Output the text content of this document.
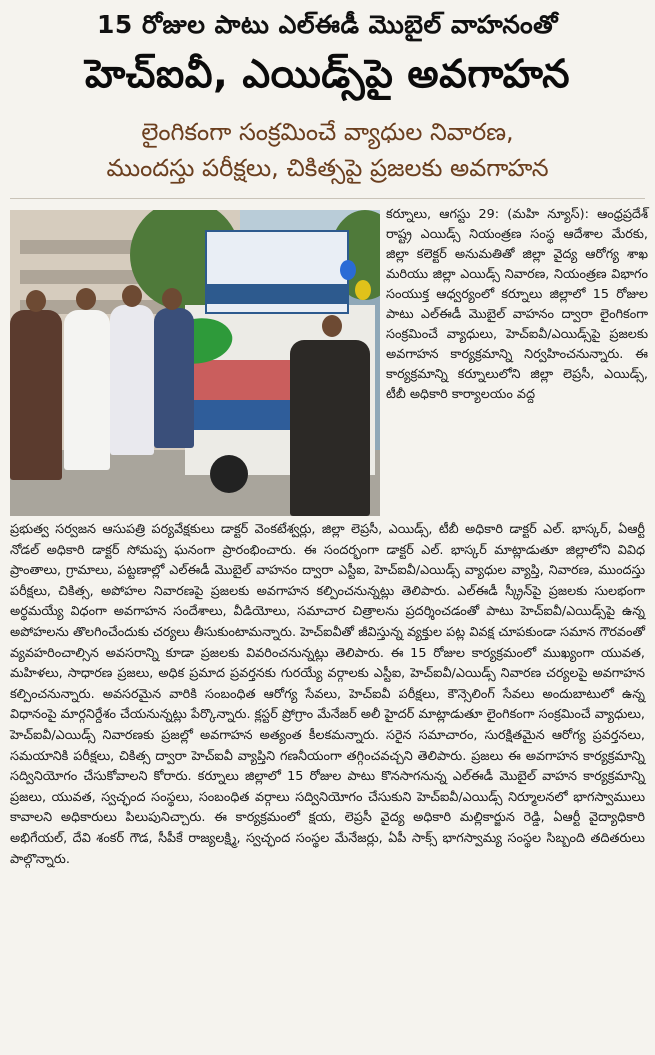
15 రోజుల పాటు ఎల్ఈడీ మొబైల్ వాహనంతో
హెచ్ఐవీ, ఎయిడ్స్‌పై అవగాహన
లైంగికంగా సంక్రమించే వ్యాధుల నివారణ,
ముందస్తు పరీక్షలు, చికిత్సపై ప్రజలకు అవగాహన

కర్నూలు, ఆగస్టు 29: (మహి న్యూస్): ఆంధ్రప్రదేశ్ రాష్ట్ర ఎయిడ్స్ నియంత్రణ సంస్థ ఆదేశాల మేరకు, జిల్లా కలెక్టర్ అనుమతితో జిల్లా వైద్య ఆరోగ్య శాఖ మరియు జిల్లా ఎయిడ్స్ నివారణ, నియంత్రణ విభాగం సంయుక్త ఆధ్వర్యంలో కర్నూలు జిల్లాలో 15 రోజుల పాటు ఎల్ఈడీ మొబైల్ వాహనం ద్వారా లైంగికంగా సంక్రమించే వ్యాధులు, హెచ్ఐవీ/ఎయిడ్స్‌పై ప్రజలకు అవగాహన కార్యక్రమాన్ని నిర్వహించనున్నారు. ఈ కార్యక్రమాన్ని కర్నూలులోని జిల్లా లెప్రసీ, ఎయిడ్స్, టీబీ అధికారి కార్యాలయం వద్ద

ప్రభుత్వ సర్వజన ఆసుపత్రి పర్యవేక్షకులు డాక్టర్ వెంకటేశ్వర్లు, జిల్లా లెప్రసీ, ఎయిడ్స్, టీబీ అధికారి డాక్టర్ ఎల్. భాస్కర్, ఏఆర్టీ నోడల్ అధికారి డాక్టర్ సోమప్ప ఘనంగా ప్రారంభించారు. ఈ సందర్భంగా డాక్టర్ ఎల్. భాస్కర్ మాట్లాడుతూ జిల్లాలోని వివిధ ప్రాంతాలు, గ్రామాలు, పట్టణాల్లో ఎల్ఈడీ మొబైల్ వాహనం ద్వారా ఎస్టీఐ, హెచ్ఐవీ/ఎయిడ్స్ వ్యాధుల వ్యాప్తి, నివారణ, ముందస్తు పరీక్షలు, చికిత్స, అపోహల నివారణపై ప్రజలకు అవగాహన కల్పించనున్నట్లు తెలిపారు. ఎల్ఈడీ స్క్రీన్‌పై ప్రజలకు సులభంగా అర్థమయ్యే విధంగా అవగాహన సందేశాలు, వీడియోలు, సమాచార చిత్రాలను ప్రదర్శించడంతో పాటు హెచ్ఐవీ/ఎయిడ్స్‌పై ఉన్న అపోహలను తొలగించేందుకు చర్యలు తీసుకుంటామన్నారు. హెచ్ఐవీతో జీవిస్తున్న వ్యక్తుల పట్ల వివక్ష చూపకుండా సమాన గౌరవంతో వ్యవహరించాల్సిన అవసరాన్ని కూడా ప్రజలకు వివరించనున్నట్లు తెలిపారు. ఈ 15 రోజుల కార్యక్రమంలో ముఖ్యంగా యువత, మహిళలు, సాధారణ ప్రజలు, అధిక ప్రమాద ప్రవర్తనకు గురయ్యే వర్గాలకు ఎస్టీఐ, హెచ్ఐవీ/ఎయిడ్స్ నివారణ చర్యలపై అవగాహన కల్పించనున్నారు. అవసరమైన వారికి సంబంధిత ఆరోగ్య సేవలు, హెచ్ఐవీ పరీక్షలు, కౌన్సెలింగ్ సేవలు అందుబాటులో ఉన్న విధానంపై మార్గనిర్దేశం చేయనున్నట్లు పేర్కొన్నారు. క్లస్టర్ ప్రోగ్రాం మేనేజర్ అలీ హైదర్ మాట్లాడుతూ లైంగికంగా సంక్రమించే వ్యాధులు, హెచ్ఐవీ/ఎయిడ్స్ నివారణకు ప్రజల్లో అవగాహన అత్యంత కీలకమన్నారు. సరైన సమాచారం, సురక్షితమైన ఆరోగ్య ప్రవర్తనలు, సమయానికి పరీక్షలు, చికిత్స ద్వారా హెచ్ఐవీ వ్యాప్తిని గణనీయంగా తగ్గించవచ్చని తెలిపారు. ప్రజలు ఈ అవగాహన కార్యక్రమాన్ని సద్వినియోగం చేసుకోవాలని కోరారు. కర్నూలు జిల్లాలో 15 రోజుల పాటు కొనసాగనున్న ఎల్ఈడీ మొబైల్ వాహన కార్యక్రమాన్ని ప్రజలు, యువత, స్వచ్ఛంద సంస్థలు, సంబంధిత వర్గాలు సద్వినియోగం చేసుకుని హెచ్ఐవీ/ఎయిడ్స్ నిర్మూలనలో భాగస్వాములు కావాలని అధికారులు పిలుపునిచ్చారు. ఈ కార్యక్రమంలో క్షయ, లెప్రసీ వైద్య అధికారి మల్లికార్జున రెడ్డి, ఏఆర్టీ వైద్యాధికారి అభిగేయల్, దేవి శంకర్ గౌడ, సీపీకే రాజ్యలక్ష్మి, స్వచ్ఛంద సంస్థల మేనేజర్లు, ఏపీ సాక్స్ భాగస్వామ్య సంస్థల సిబ్బంది తదితరులు పాల్గొన్నారు.
